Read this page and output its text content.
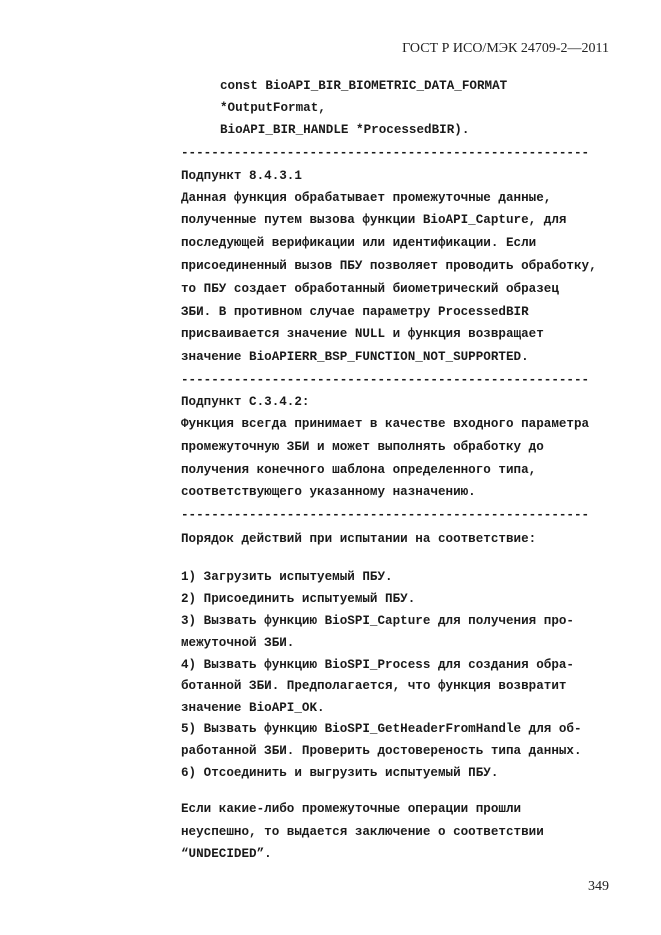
ГОСТ Р ИСО/МЭК 24709-2—2011
const BioAPI_BIR_BIOMETRIC_DATA_FORMAT
*OutputFormat,
BioAPI_BIR_HANDLE *ProcessedBIR).
------------------------------------------------------
Подпункт 8.4.3.1
Данная функция обрабатывает промежуточные данные,
полученные путем вызова функции BioAPI_Capture, для
последующей верификации или идентификации. Если
присоединенный вызов ПБУ позволяет проводить обработку,
то ПБУ создает обработанный биометрический образец
ЗБИ. В противном случае параметру ProcessedBIR
присваивается значение NULL и функция возвращает
значение BioAPIERR_BSP_FUNCTION_NOT_SUPPORTED.
------------------------------------------------------
Подпункт C.3.4.2:
Функция всегда принимает в качестве входного параметра
промежуточную ЗБИ и может выполнять обработку до
получения конечного шаблона определенного типа,
соответствующего указанному назначению.
------------------------------------------------------
Порядок действий при испытании на соответствие:
1) Загрузить испытуемый ПБУ.
2) Присоединить испытуемый ПБУ.
3) Вызвать функцию BioSPI_Capture для получения про-
межуточной ЗБИ.
4) Вызвать функцию BioSPI_Process для создания обра-
ботанной ЗБИ. Предполагается, что функция возвратит
значение BioAPI_OK.
5) Вызвать функцию BioSPI_GetHeaderFromHandle для об-
работанной ЗБИ. Проверить достовереность типа данных.
6) Отсоединить и выгрузить испытуемый ПБУ.
Если какие-либо промежуточные операции прошли
неуспешно, то выдается заключение о соответствии
“UNDECIDED”.
349
